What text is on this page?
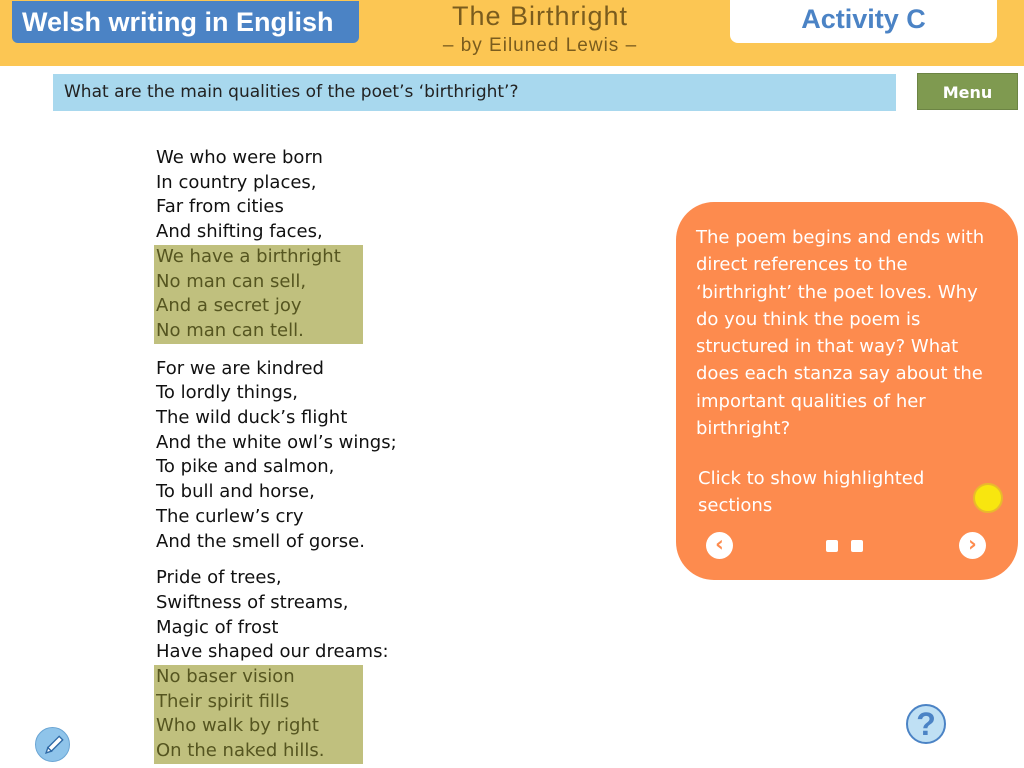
Welsh writing in English	The Birthright
– by Eiluned Lewis –
Activity C
What are the main qualities of the poet’s ‘birthright’?	Menu
We who were born
In country places,
Far from cities
And shifting faces,
We have a birthright
No man can sell,
And a secret joy
No man can tell.
For we are kindred
To lordly things,
The wild duck’s flight
And the white owl’s wings;
To pike and salmon,
To bull and horse,
The curlew’s cry
And the smell of gorse.
Pride of trees,
Swiftness of streams,
Magic of frost
Have shaped our dreams:
No baser vision
Their spirit fills
Who walk by right
On the naked hills.
The poem begins and ends with direct references to the ‘birthright’ the poet loves. Why do you think the poem is structured in that way? What does each stanza say about the important qualities of her birthright?
Click to show highlighted sections
‹	›
?
